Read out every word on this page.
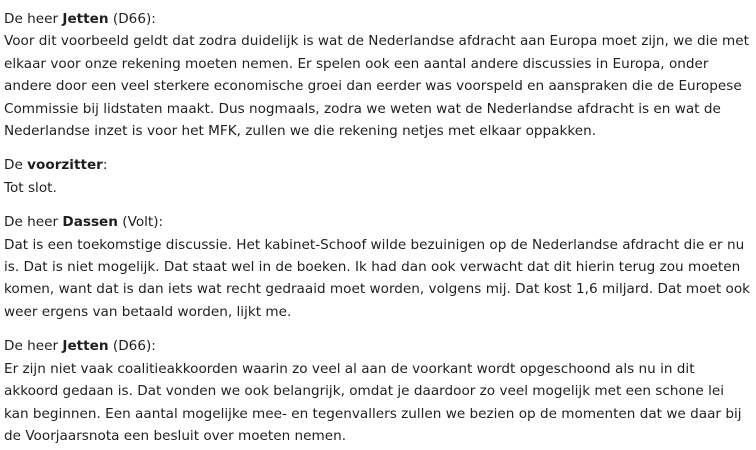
De heer Jetten (D66):
Voor dit voorbeeld geldt dat zodra duidelijk is wat de Nederlandse afdracht aan Europa moet zijn, we die met elkaar voor onze rekening moeten nemen. Er spelen ook een aantal andere discussies in Europa, onder andere door een veel sterkere economische groei dan eerder was voorspeld en aanspraken die de Europese Commissie bij lidstaten maakt. Dus nogmaals, zodra we weten wat de Nederlandse afdracht is en wat de Nederlandse inzet is voor het MFK, zullen we die rekening netjes met elkaar oppakken.
De voorzitter:
Tot slot.
De heer Dassen (Volt):
Dat is een toekomstige discussie. Het kabinet-Schoof wilde bezuinigen op de Nederlandse afdracht die er nu is. Dat is niet mogelijk. Dat staat wel in de boeken. Ik had dan ook verwacht dat dit hierin terug zou moeten komen, want dat is dan iets wat recht gedraaid moet worden, volgens mij. Dat kost 1,6 miljard. Dat moet ook weer ergens van betaald worden, lijkt me.
De heer Jetten (D66):
Er zijn niet vaak coalitieakkoorden waarin zo veel al aan de voorkant wordt opgeschoond als nu in dit akkoord gedaan is. Dat vonden we ook belangrijk, omdat je daardoor zo veel mogelijk met een schone lei kan beginnen. Een aantal mogelijke mee- en tegenvallers zullen we bezien op de momenten dat we daar bij de Voorjaarsnota een besluit over moeten nemen.
